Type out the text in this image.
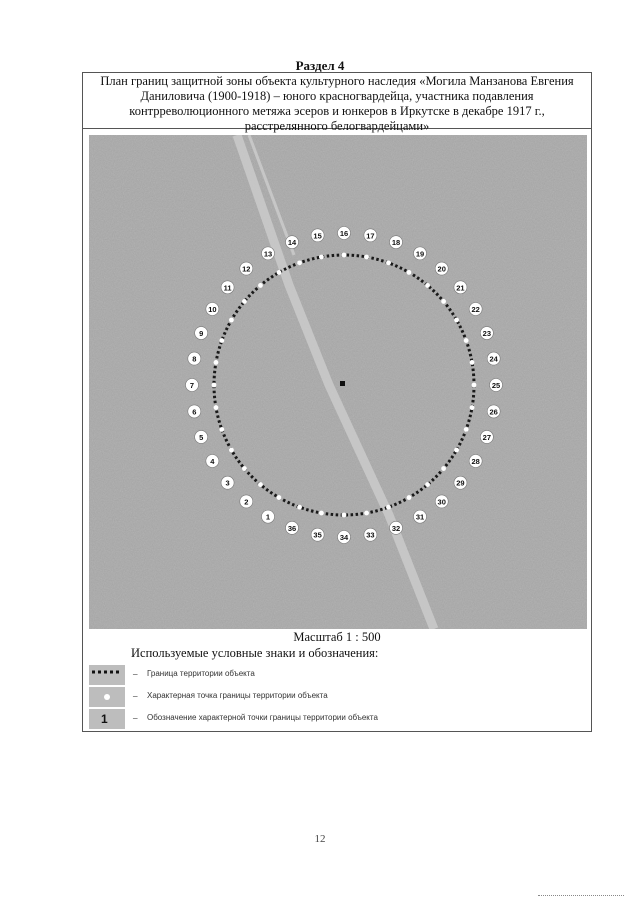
Раздел 4
План границ защитной зоны объекта культурного наследия «Могила Манзанова Евгения Даниловича (1900-1918) – юного красногвардейца, участника подавления контрреволюционного метяжа эсеров и юнкеров в Иркутске в декабре 1917 г., расстрелянного белогвардейцами»
1
2
3
4
5
6
7
8
9
10
11
12
13
14
15 16 17
18
19
20
21
22
23
24
25
26
27
28
29
30
31
32
33
34
35
36
Масштаб 1 : 500
Используемые условные знаки и обозначения:
– Граница территории объекта
– Характерная точка границы территории объекта
1	– Обозначение характерной точки границы территории объекта
12
